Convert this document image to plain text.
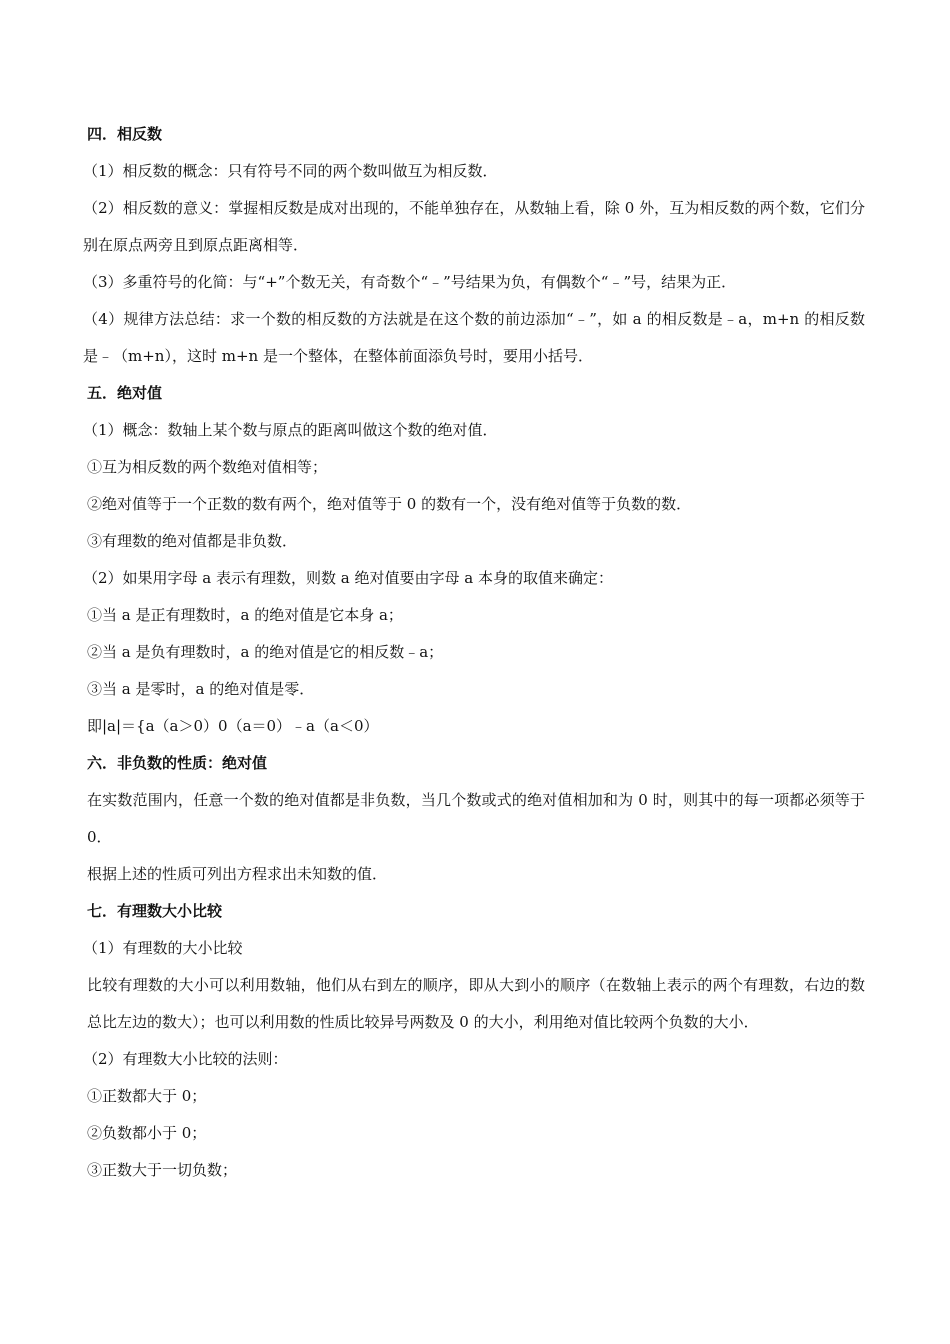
四．相反数
（1）相反数的概念：只有符号不同的两个数叫做互为相反数．
（2）相反数的意义：掌握相反数是成对出现的，不能单独存在，从数轴上看，除 0 外，互为相反数的两个数，它们分别在原点两旁且到原点距离相等．
（3）多重符号的化简：与“+”个数无关，有奇数个“﹣”号结果为负，有偶数个“﹣”号，结果为正．
（4）规律方法总结：求一个数的相反数的方法就是在这个数的前边添加“﹣”，如 a 的相反数是﹣a，m+n 的相反数是﹣（m+n），这时 m+n 是一个整体，在整体前面添负号时，要用小括号．
五．绝对值
（1）概念：数轴上某个数与原点的距离叫做这个数的绝对值．
①互为相反数的两个数绝对值相等；
②绝对值等于一个正数的数有两个，绝对值等于 0 的数有一个，没有绝对值等于负数的数．
③有理数的绝对值都是非负数．
（2）如果用字母 a 表示有理数，则数 a 绝对值要由字母 a 本身的取值来确定：
①当 a 是正有理数时，a 的绝对值是它本身 a；
②当 a 是负有理数时，a 的绝对值是它的相反数﹣a；
③当 a 是零时，a 的绝对值是零．
即|a|＝{a（a＞0）0（a＝0）﹣a（a＜0）
六．非负数的性质：绝对值
在实数范围内，任意一个数的绝对值都是非负数，当几个数或式的绝对值相加和为 0 时，则其中的每一项都必须等于 0．
根据上述的性质可列出方程求出未知数的值．
七．有理数大小比较
（1）有理数的大小比较
比较有理数的大小可以利用数轴，他们从右到左的顺序，即从大到小的顺序（在数轴上表示的两个有理数，右边的数总比左边的数大）；也可以利用数的性质比较异号两数及 0 的大小，利用绝对值比较两个负数的大小．
（2）有理数大小比较的法则：
①正数都大于 0；
②负数都小于 0；
③正数大于一切负数；
